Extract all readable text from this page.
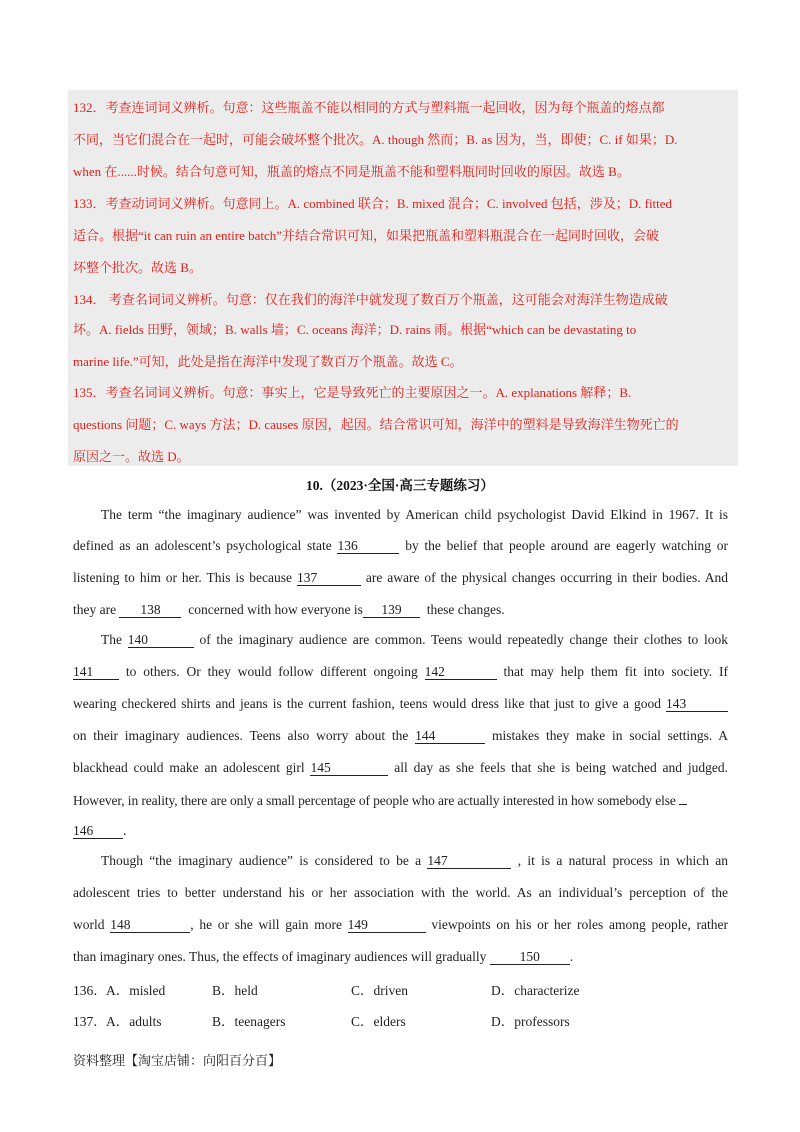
132．考查连词词义辨析。句意：这些瓶盖不能以相同的方式与塑料瓶一起回收，因为每个瓶盖的熔点都
不同，当它们混合在一起时，可能会破坏整个批次。A. though 然而；B. as 因为，当，即使；C. if 如果；D.
when 在......时候。结合句意可知，瓶盖的熔点不同是瓶盖不能和塑料瓶同时回收的原因。故选 B。
133．考查动词词义辨析。句意同上。A. combined 联合；B. mixed 混合；C. involved 包括，涉及；D. fitted
适合。根据“it can ruin an entire batch”并结合常识可知，如果把瓶盖和塑料瓶混合在一起同时回收，会破
坏整个批次。故选 B。
134． 考查名词词义辨析。句意：仅在我们的海洋中就发现了数百万个瓶盖，这可能会对海洋生物造成破
坏。A. fields 田野，领域；B. walls 墙；C. oceans 海洋；D. rains 雨。根据“which can be devastating to
marine life.”可知，此处是指在海洋中发现了数百万个瓶盖。故选 C。
135．考查名词词义辨析。句意：事实上，它是导致死亡的主要原因之一。A. explanations 解释；B.
questions 问题；C. ways 方法；D. causes 原因，起因。结合常识可知，海洋中的塑料是导致海洋生物死亡的
原因之一。故选 D。
10.（2023·全国·高三专题练习）
The term “the imaginary audience” was invented by American child psychologist David Elkind in 1967. It is
defined as an adolescent’s psychological state 136	by the belief that people around are eagerly watching or
listening to him or her. This is because 137	are aware of the physical changes occurring in their bodies. And
they are 138 concerned with how everyone is 139 these changes.
The 140	of the imaginary audience are common. Teens would repeatedly change their clothes to look
141 to others. Or they would follow different ongoing 142	that may help them fit into society. If
wearing checkered shirts and jeans is the current fashion, teens would dress like that just to give a good 143
on their imaginary audiences. Teens also worry about the 144	mistakes they make in social settings. A
blackhead could make an adolescent girl 145	all day as she feels that she is being watched and judged.
However, in reality, there are only a small percentage of people who are actually interested in how somebody else
146 .
Though “the imaginary audience” is considered to be a 147	, it is a natural process in which an
adolescent tries to better understand his or her association with the world. As an individual’s perception of the
world 148	, he or she will gain more 149	viewpoints on his or her roles among people, rather
than imaginary ones. Thus, the effects of imaginary audiences will gradually 150 .
136． A．misled	B．held	C．driven	D．characterize
137． A．adults	B．teenagers	C．elders	D．professors
资料整理【淘宝店铺：向阳百分百】
